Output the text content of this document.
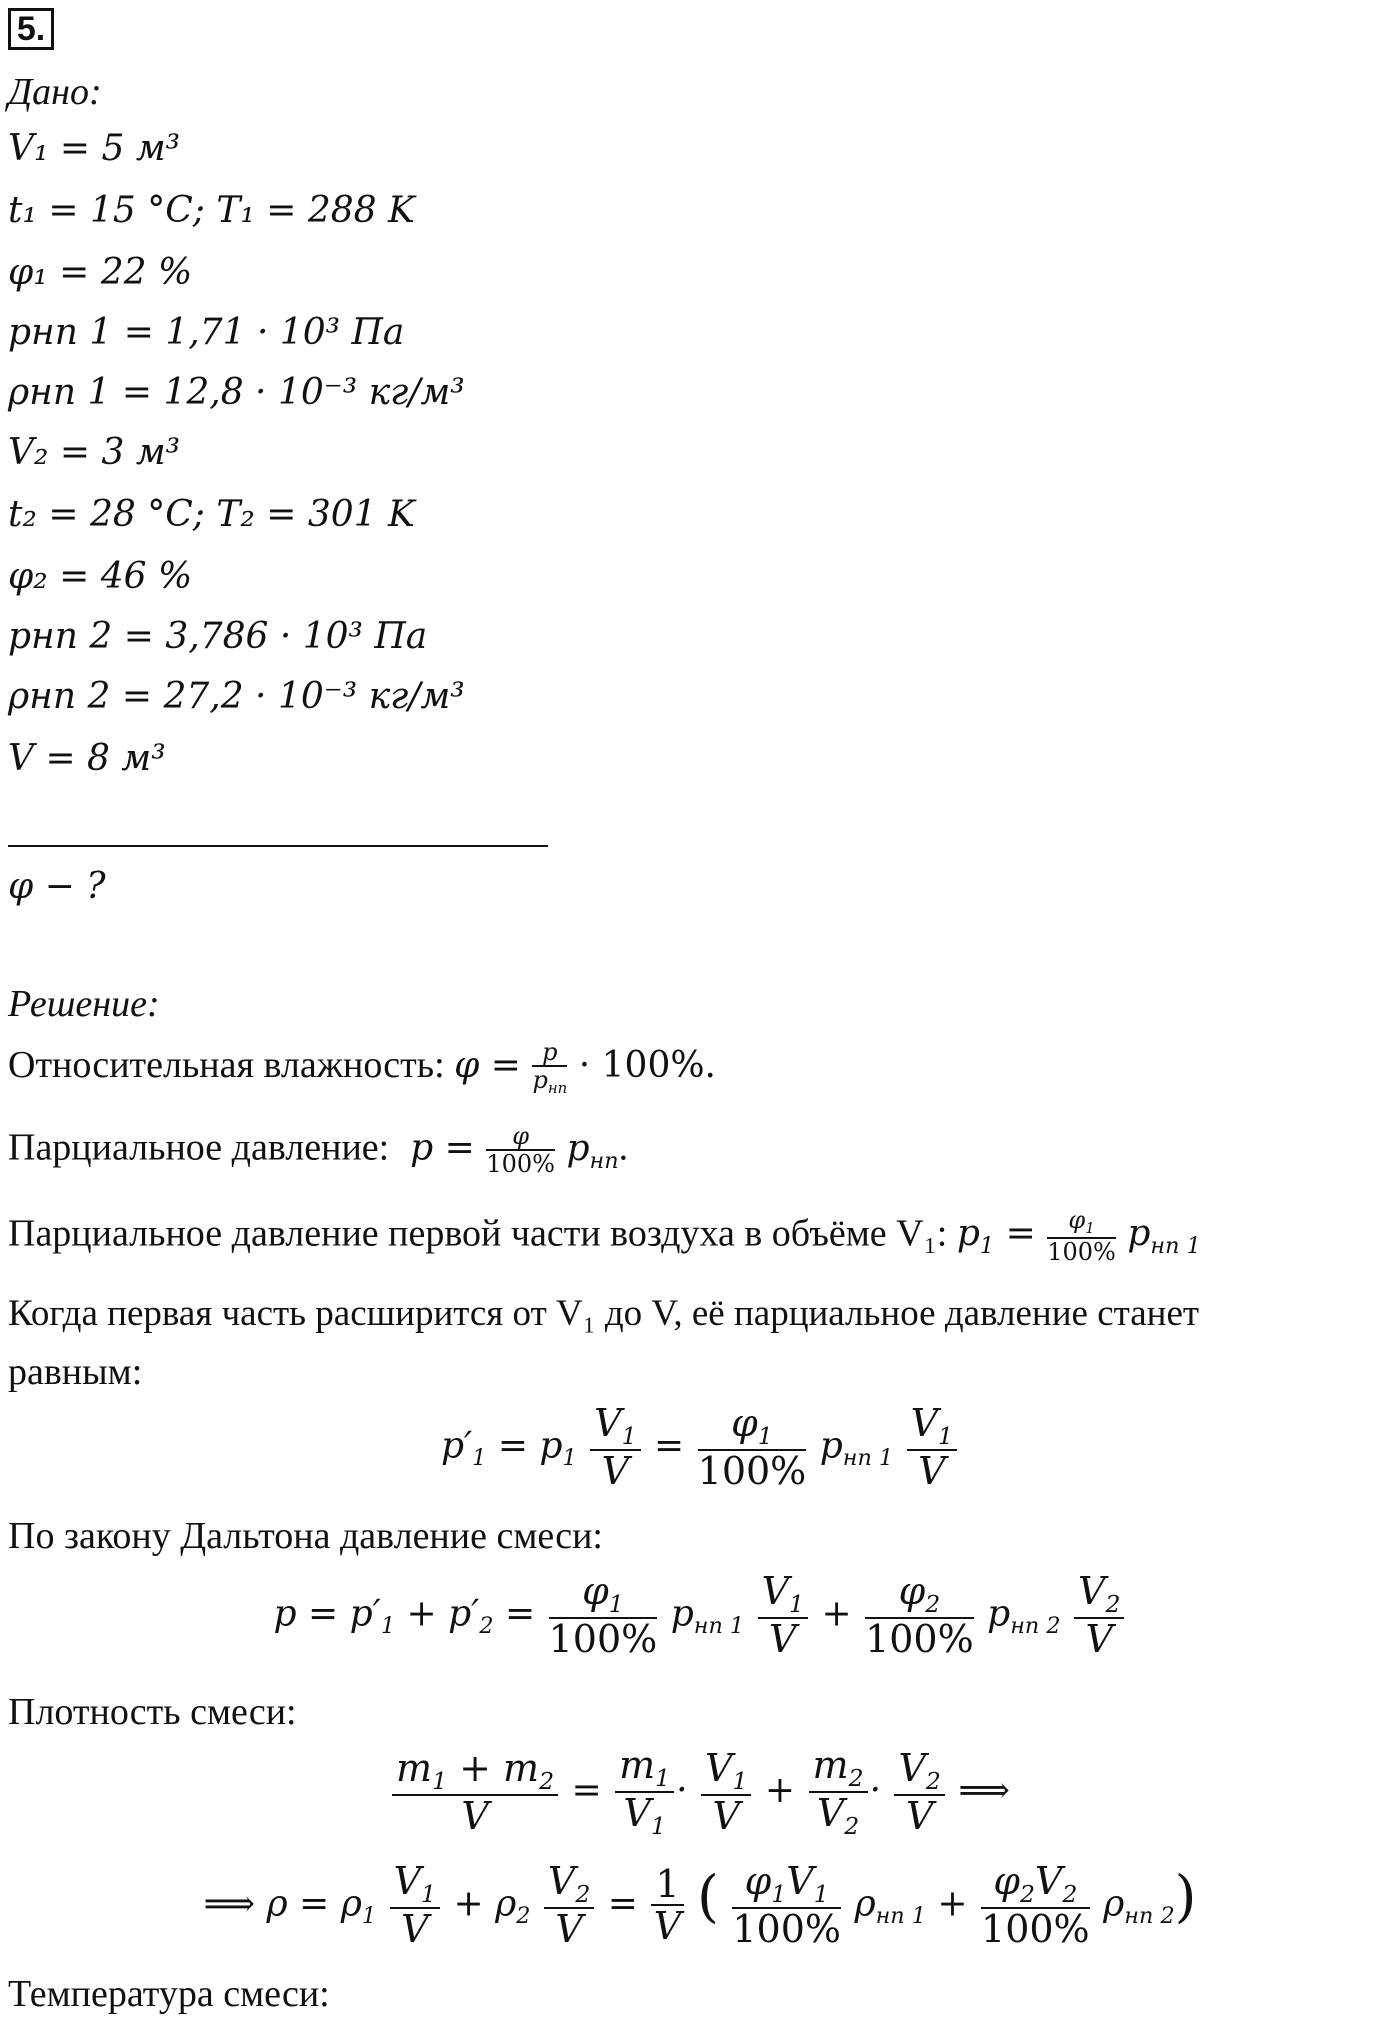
5.
Дано:
V₁ = 5 м³
t₁ = 15 °C; T₁ = 288 K
φ₁ = 22 %
pнп 1 = 1,71 · 10³ Па
ρнп 1 = 12,8 · 10⁻³ кг/м³
V₂ = 3 м³
t₂ = 28 °C; T₂ = 301 K
φ₂ = 46 %
pнп 2 = 3,786 · 10³ Па
ρнп 2 = 27,2 · 10⁻³ кг/м³
V = 8 м³
φ − ?
Решение:
Относительная влажность: $\varphi = \frac{p}{p_{нп}} \cdot 100\%$.
Парциальное давление:  $p = \frac{\varphi}{100\%} p_{нп}$.
Парциальное давление первой части воздуха в объёме V₁: $p_1 = \frac{\varphi_1}{100\%} p_{нп 1}$
Когда первая часть расширится от V₁ до V, её парциальное давление станет
равным:
$p'_1 = p_1 \frac{V_1}{V} = \frac{\varphi_1}{100\%} p_{нп 1} \frac{V_1}{V}$
По закону Дальтона давление смеси:
$p = p'_1 + p'_2 = \frac{\varphi_1}{100\%} p_{нп 1} \frac{V_1}{V} + \frac{\varphi_2}{100\%} p_{нп 2} \frac{V_2}{V}$
Плотность смеси:
$\frac{m_1 + m_2}{V} = \frac{m_1}{V_1} \cdot \frac{V_1}{V} + \frac{m_2}{V_2} \cdot \frac{V_2}{V}$ ⟹
⟹ $\rho = \rho_1 \frac{V_1}{V} + \rho_2 \frac{V_2}{V} = \frac{1}{V}$ ( $\frac{\varphi_1V_1}{100\%} \rho_{нп 1} + \frac{\varphi_2V_2}{100\%} \rho_{нп 2}$)
Температура смеси:
